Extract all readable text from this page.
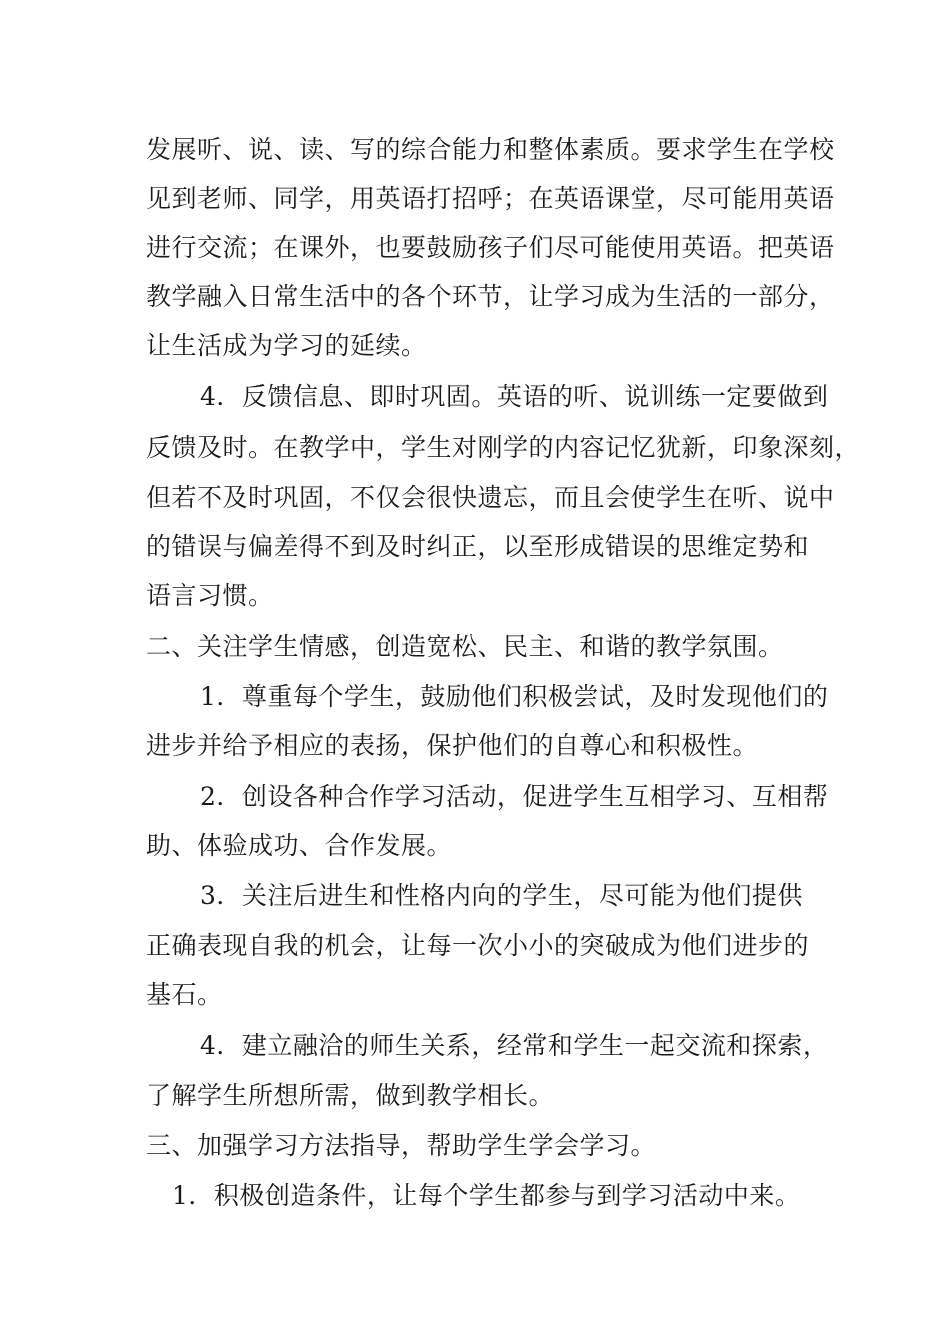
发展听、说、读、写的综合能力和整体素质。要求学生在学校
见到老师、同学，用英语打招呼；在英语课堂，尽可能用英语
进行交流；在课外，也要鼓励孩子们尽可能使用英语。把英语
教学融入日常生活中的各个环节，让学习成为生活的一部分，
让生活成为学习的延续。
4．反馈信息、即时巩固。英语的听、说训练一定要做到
反馈及时。在教学中，学生对刚学的内容记忆犹新，印象深刻，
但若不及时巩固，不仅会很快遗忘，而且会使学生在听、说中
的错误与偏差得不到及时纠正，以至形成错误的思维定势和
语言习惯。
二、关注学生情感，创造宽松、民主、和谐的教学氛围。
1．尊重每个学生，鼓励他们积极尝试，及时发现他们的
进步并给予相应的表扬，保护他们的自尊心和积极性。
2．创设各种合作学习活动，促进学生互相学习、互相帮
助、体验成功、合作发展。
3．关注后进生和性格内向的学生，尽可能为他们提供
正确表现自我的机会，让每一次小小的突破成为他们进步的
基石。
4．建立融洽的师生关系，经常和学生一起交流和探索，
了解学生所想所需，做到教学相长。
三、加强学习方法指导，帮助学生学会学习。
1．积极创造条件，让每个学生都参与到学习活动中来。
